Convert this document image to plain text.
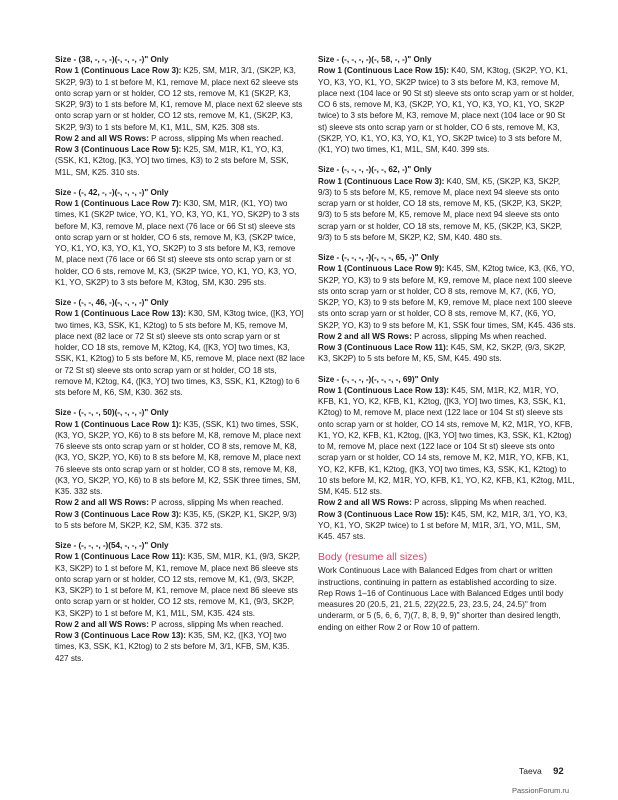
Size - (38, -, -, -)(-, -, -, -)" Only

Row 1 (Continuous Lace Row 3): K25, SM, M1R, 3/1, (SK2P, K3, SK2P, 9/3) to 1 st before M, K1, remove M, place next 62 sleeve sts onto scrap yarn or st holder, CO 12 sts, remove M, K1 (SK2P, K3, SK2P, 9/3) to 1 sts before M, K1, remove M, place next 62 sleeve sts onto scrap yarn or st holder, CO 12 sts, remove M, K1, (SK2P, K3, SK2P, 9/3) to 1 sts before M, K1, M1L, SM, K25. 308 sts.

Row 2 and all WS Rows: P across, slipping Ms when reached.

Row 3 (Continuous Lace Row 5): K25, SM, M1R, K1, YO, K3, (SSK, K1, K2tog, [K3, YO] two times, K3) to 2 sts before M, SSK, M1L, SM, K25. 310 sts.

Size - (-, 42, -, -)(-, -, -, -)" Only

Row 1 (Continuous Lace Row 7): K30, SM, M1R, (K1, YO) two times, K1 (SK2P twice, YO, K1, YO, K3, YO, K1, YO, SK2P) to 3 sts before M, K3, remove M, place next (76 lace or 66 St st) sleeve sts onto scrap yarn or st holder, CO 6 sts, remove M, K3, (SK2P twice, YO, K1, YO, K3, YO, K1, YO, SK2P) to 3 sts before M, K3, remove M, place next (76 lace or 66 St st) sleeve sts onto scrap yarn or st holder, CO 6 sts, remove M, K3, (SK2P twice, YO, K1, YO, K3, YO, K1, YO, SK2P) to 3 sts before M, K3tog, SM, K30. 295 sts.

Size - (-, -, 46, -)(-, -, -, -)" Only

Row 1 (Continuous Lace Row 13): K30, SM, K3tog twice, ([K3, YO] two times, K3, SSK, K1, K2tog) to 5 sts before M, K5, remove M, place next (82 lace or 72 St st) sleeve sts onto scrap yarn or st holder, CO 18 sts, remove M, K2tog, K4, ([K3, YO] two times, K3, SSK, K1, K2tog) to 5 sts before M, K5, remove M, place next (82 lace or 72 St st) sleeve sts onto scrap yarn or st holder, CO 18 sts, remove M, K2tog, K4, ([K3, YO] two times, K3, SSK, K1, K2tog) to 6 sts before M, K6, SM, K30. 362 sts.

Size - (-, -, -, 50)(-, -, -, -)" Only

Row 1 (Continuous Lace Row 1): K35, (SSK, K1) two times, SSK, (K3, YO, SK2P, YO, K6) to 8 sts before M, K8, remove M, place next 76 sleeve sts onto scrap yarn or st holder, CO 8 sts, remove M, K8, (K3, YO, SK2P, YO, K6) to 8 sts before M, K8, remove M, place next 76 sleeve sts onto scrap yarn or st holder, CO 8 sts, remove M, K8, (K3, YO, SK2P, YO, K6) to 8 sts before M, K2, SSK three times, SM, K35. 332 sts.

Row 2 and all WS Rows: P across, slipping Ms when reached.

Row 3 (Continuous Lace Row 3): K35, K5, (SK2P, K1, SK2P, 9/3) to 5 sts before M, SK2P, K2, SM, K35. 372 sts.

Size - (-, -, -, -)(54, -, -, -)" Only

Row 1 (Continuous Lace Row 11): K35, SM, M1R, K1, (9/3, SK2P, K3, SK2P) to 1 st before M, K1, remove M, place next 86 sleeve sts onto scrap yarn or st holder, CO 12 sts, remove M, K1, (9/3, SK2P, K3, SK2P) to 1 st before M, K1, remove M, place next 86 sleeve sts onto scrap yarn or st holder, CO 12 sts, remove M, K1, (9/3, SK2P, K3, SK2P) to 1 st before M, K1, M1L, SM, K35. 424 sts.

Row 2 and all WS Rows: P across, slipping Ms when reached.

Row 3 (Continuous Lace Row 13): K35, SM, K2, ([K3, YO] two times, K3, SSK, K1, K2tog) to 2 sts before M, 3/1, KFB, SM, K35. 427 sts.

Size - (-, -, -, -)(-, 58, -, -)" Only

Row 1 (Continuous Lace Row 15): K40, SM, K3tog, (SK2P, YO, K1, YO, K3, YO, K1, YO, SK2P twice) to 3 sts before M, K3, remove M, place next (104 lace or 90 St st) sleeve sts onto scrap yarn or st holder, CO 6 sts, remove M, K3, (SK2P, YO, K1, YO, K3, YO, K1, YO, SK2P twice) to 3 sts before M, K3, remove M, place next (104 lace or 90 St st) sleeve sts onto scrap yarn or st holder, CO 6 sts, remove M, K3, (SK2P, YO, K1, YO, K3, YO, K1, YO, SK2P twice) to 3 sts before M, (K1, YO) two times, K1, M1L, SM, K40. 399 sts.

Size - (-, -, -, -)(-, -, 62, -)" Only

Row 1 (Continuous Lace Row 3): K40, SM, K5, (SK2P, K3, SK2P, 9/3) to 5 sts before M, K5, remove M, place next 94 sleeve sts onto scrap yarn or st holder, CO 18 sts, remove M, K5, (SK2P, K3, SK2P, 9/3) to 5 sts before M, K5, remove M, place next 94 sleeve sts onto scrap yarn or st holder, CO 18 sts, remove M, K5, (SK2P, K3, SK2P, 9/3) to 5 sts before M, SK2P, K2, SM, K40. 480 sts.

Size - (-, -, -, -)(-, -, -, 65, -)" Only

Row 1 (Continuous Lace Row 9): K45, SM, K2tog twice, K3, (K6, YO, SK2P, YO, K3) to 9 sts before M, K9, remove M, place next 100 sleeve sts onto scrap yarn or st holder, CO 8 sts, remove M, K7, (K6, YO, SK2P, YO, K3) to 9 sts before M, K9, remove M, place next 100 sleeve sts onto scrap yarn or st holder, CO 8 sts, remove M, K7, (K6, YO, SK2P, YO, K3) to 9 sts before M, K1, SSK four times, SM, K45. 436 sts.

Row 2 and all WS Rows: P across, slipping Ms when reached.

Row 3 (Continuous Lace Row 11): K45, SM, K2, SK2P, (9/3, SK2P, K3, SK2P) to 5 sts before M, K5, SM, K45. 490 sts.

Size - (-, -, -, -)(-, -, -, -, 69)" Only

Row 1 (Continuous Lace Row 13): K45, SM, M1R, K2, M1R, YO, KFB, K1, YO, K2, KFB, K1, K2tog, ([K3, YO] two times, K3, SSK, K1, K2tog) to M, remove M, place next (122 lace or 104 St st) sleeve sts onto scrap yarn or st holder, CO 14 sts, remove M, K2, M1R, YO, KFB, K1, YO, K2, KFB, K1, K2tog, ([K3, YO] two times, K3, SSK, K1, K2tog) to M, remove M, place next (122 lace or 104 St st) sleeve sts onto scrap yarn or st holder, CO 14 sts, remove M, K2, M1R, YO, KFB, K1, YO, K2, KFB, K1, K2tog, ([K3, YO] two times, K3, SSK, K1, K2tog) to 10 sts before M, K2, M1R, YO, KFB, K1, YO, K2, KFB, K1, K2tog, M1L, SM, K45. 512 sts.

Row 2 and all WS Rows: P across, slipping Ms when reached.

Row 3 (Continuous Lace Row 15): K45, SM, K2, M1R, 3/1, YO, K3, YO, K1, YO, SK2P twice) to 1 st before M, M1R, 3/1, YO, M1L, SM, K45. 457 sts.

Body (resume all sizes)

Work Continuous Lace with Balanced Edges from chart or written instructions, continuing in pattern as established according to size.

Rep Rows 1–16 of Continuous Lace with Balanced Edges until body measures 20 (20.5, 21, 21.5, 22)(22.5, 23, 23.5, 24, 24.5)" from underarm, or 5 (5, 6, 6, 7)(7, 8, 8, 9, 9)" shorter than desired length, ending on either Row 2 or Row 10 of pattern.

Taeva 92
PassionForum.ru
